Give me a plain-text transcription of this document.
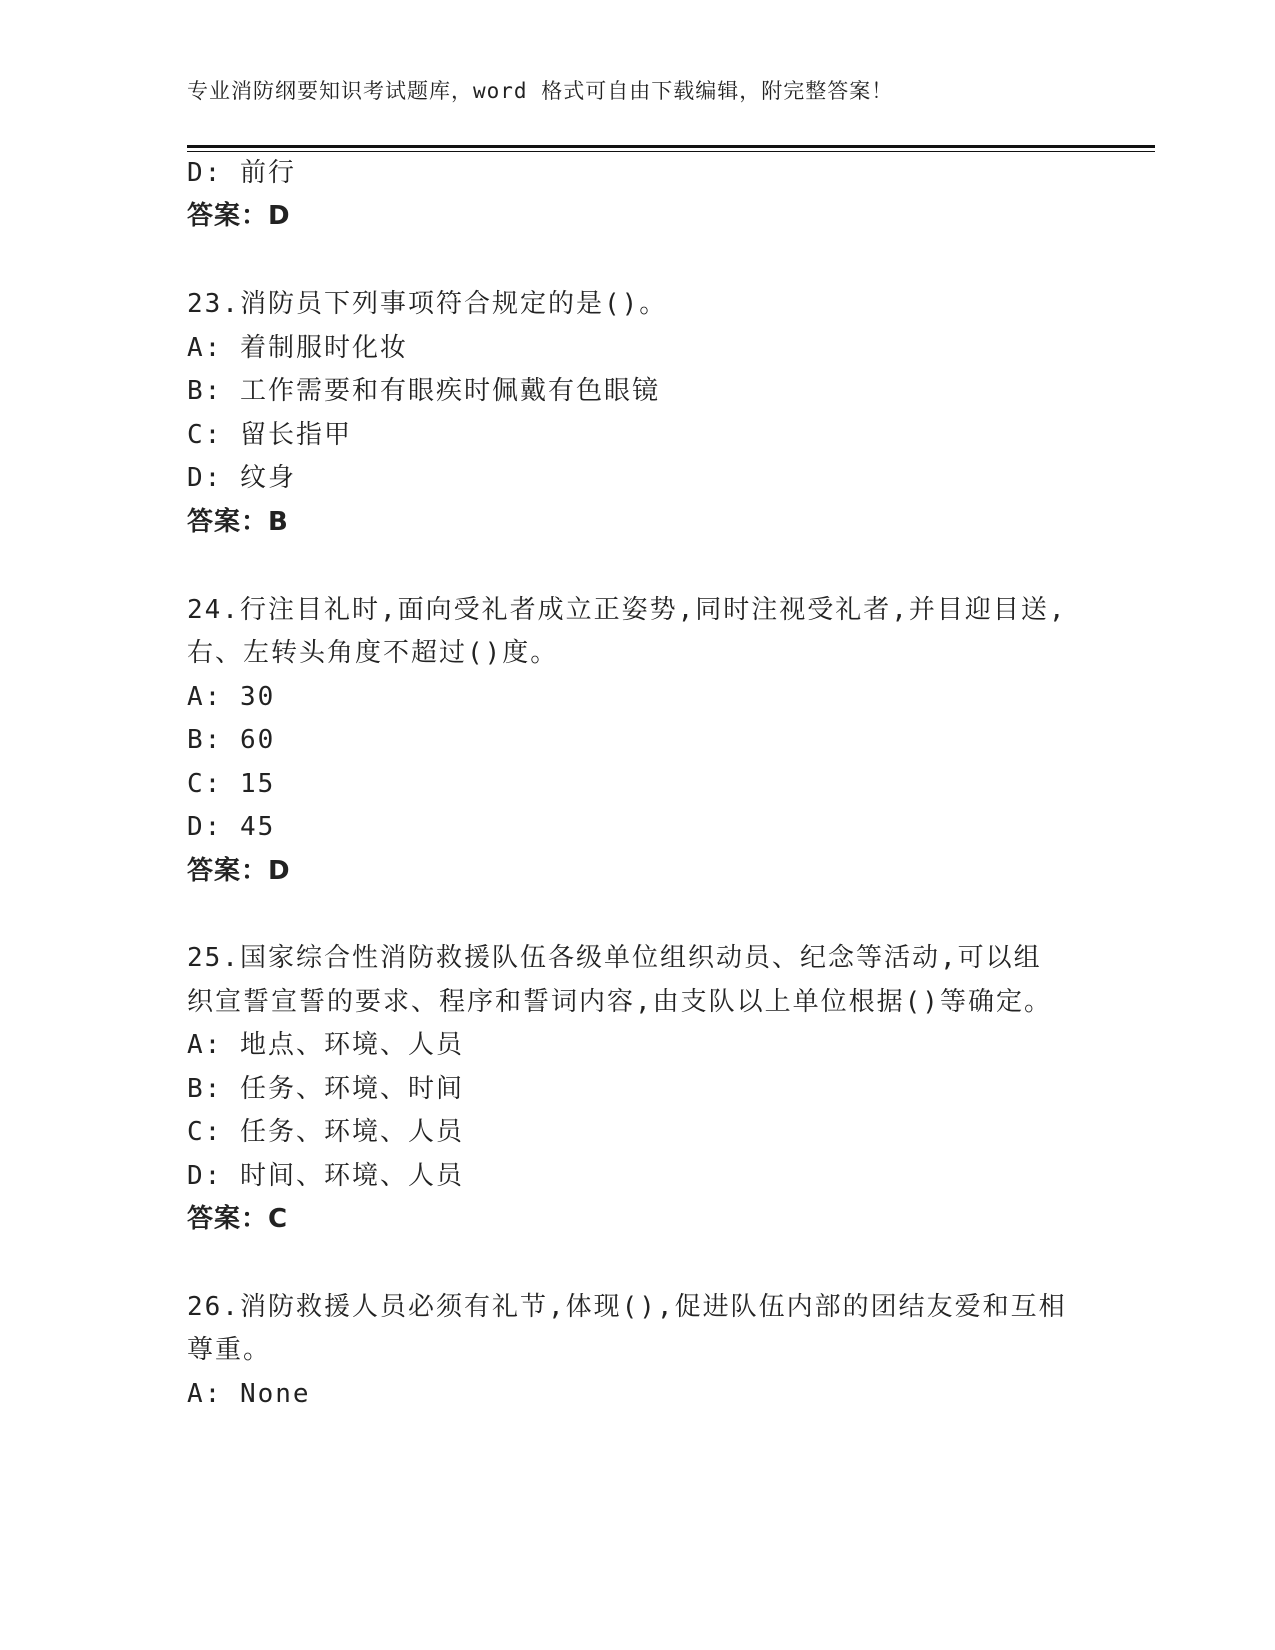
专业消防纲要知识考试题库，word 格式可自由下载编辑，附完整答案！
D: 前行
答案：D
23.消防员下列事项符合规定的是()。
A: 着制服时化妆
B: 工作需要和有眼疾时佩戴有色眼镜
C: 留长指甲
D: 纹身
答案：B
24.行注目礼时,面向受礼者成立正姿势,同时注视受礼者,并目迎目送,
右、左转头角度不超过()度。
A: 30
B: 60
C: 15
D: 45
答案：D
25.国家综合性消防救援队伍各级单位组织动员、纪念等活动,可以组
织宣誓宣誓的要求、程序和誓词内容,由支队以上单位根据()等确定。
A: 地点、环境、人员
B: 任务、环境、时间
C: 任务、环境、人员
D: 时间、环境、人员
答案：C
26.消防救援人员必须有礼节,体现(),促进队伍内部的团结友爱和互相
尊重。
A: None
